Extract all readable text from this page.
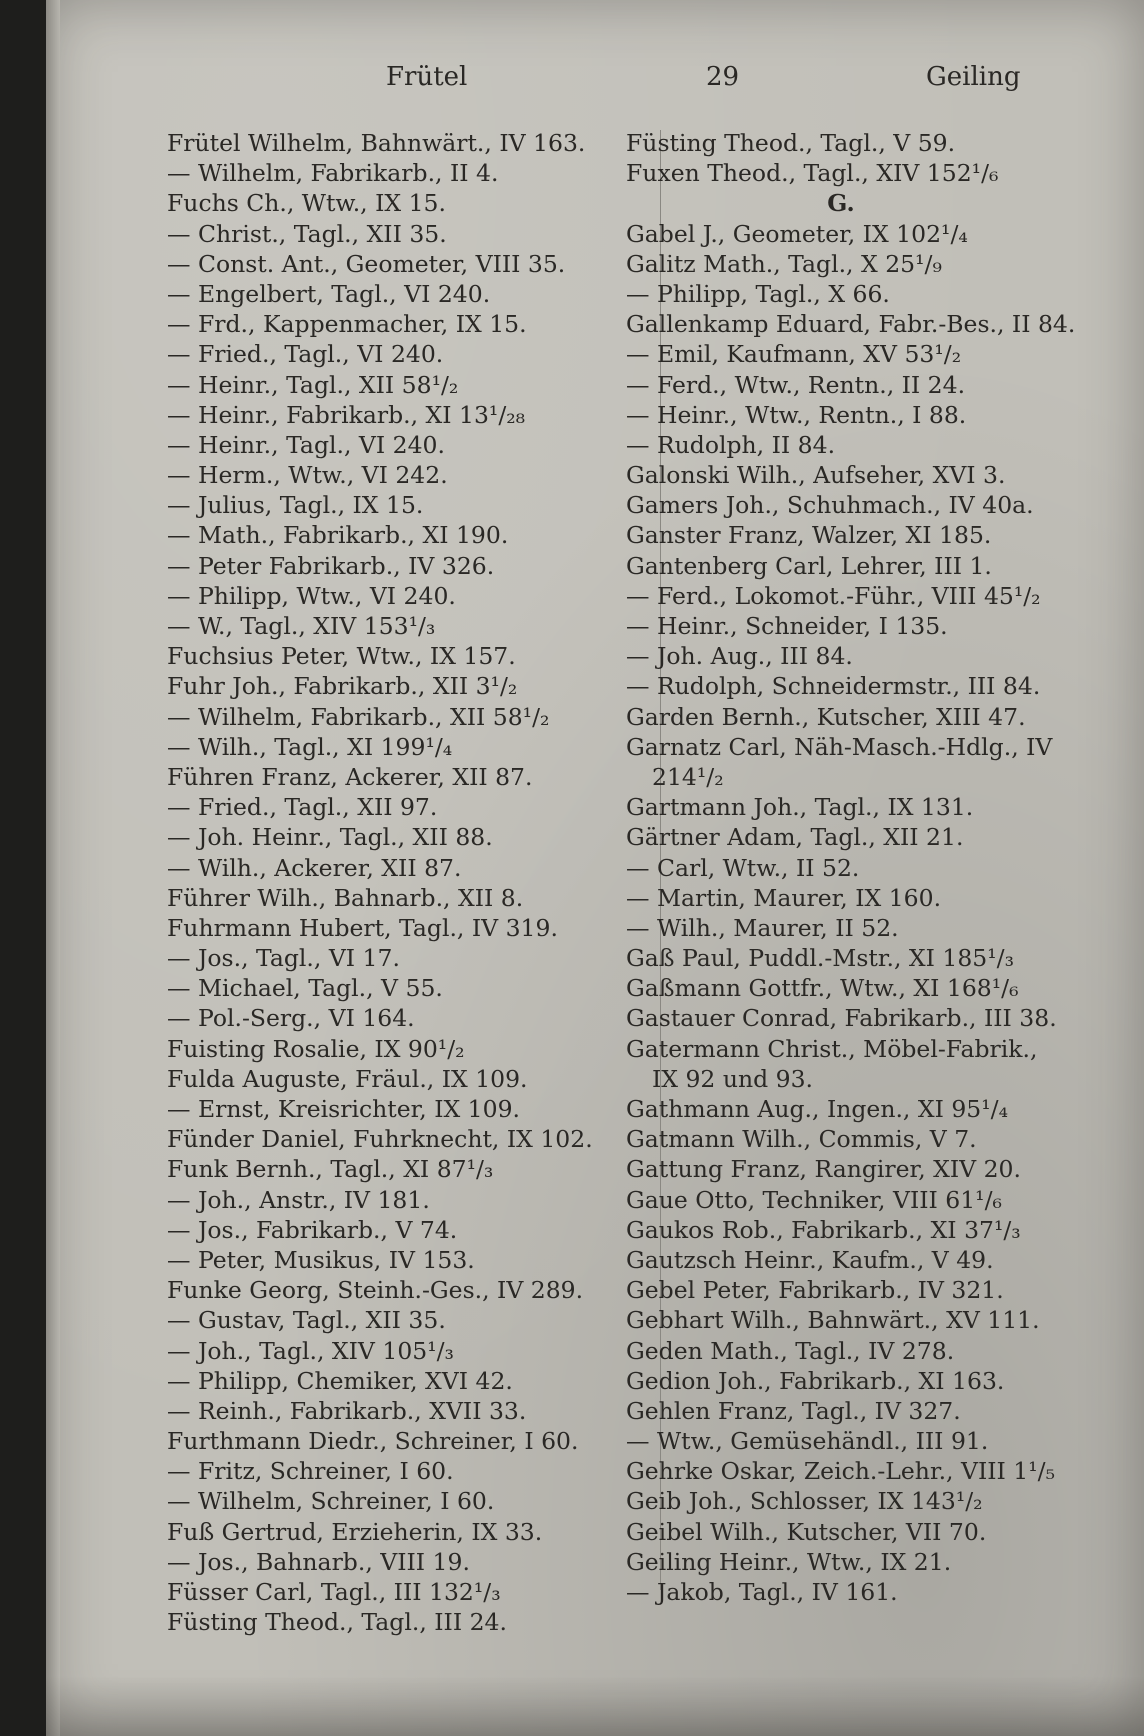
Frütel	29	Geiling
Frütel Wilhelm, Bahnwärt., IV 163.
— Wilhelm, Fabrikarb., II 4.
Fuchs Ch., Wtw., IX 15.
— Christ., Tagl., XII 35.
— Const. Ant., Geometer, VIII 35.
— Engelbert, Tagl., VI 240.
— Frd., Kappenmacher, IX 15.
— Fried., Tagl., VI 240.
— Heinr., Tagl., XII 58¹/₂
— Heinr., Fabrikarb., XI 13¹/₂₈
— Heinr., Tagl., VI 240.
— Herm., Wtw., VI 242.
— Julius, Tagl., IX 15.
— Math., Fabrikarb., XI 190.
— Peter Fabrikarb., IV 326.
— Philipp, Wtw., VI 240.
— W., Tagl., XIV 153¹/₃
Fuchsius Peter, Wtw., IX 157.
Fuhr Joh., Fabrikarb., XII 3¹/₂
— Wilhelm, Fabrikarb., XII 58¹/₂
— Wilh., Tagl., XI 199¹/₄
Führen Franz, Ackerer, XII 87.
— Fried., Tagl., XII 97.
— Joh. Heinr., Tagl., XII 88.
— Wilh., Ackerer, XII 87.
Führer Wilh., Bahnarb., XII 8.
Fuhrmann Hubert, Tagl., IV 319.
— Jos., Tagl., VI 17.
— Michael, Tagl., V 55.
— Pol.-Serg., VI 164.
Fuisting Rosalie, IX 90¹/₂
Fulda Auguste, Fräul., IX 109.
— Ernst, Kreisrichter, IX 109.
Fünder Daniel, Fuhrknecht, IX 102.
Funk Bernh., Tagl., XI 87¹/₃
— Joh., Anstr., IV 181.
— Jos., Fabrikarb., V 74.
— Peter, Musikus, IV 153.
Funke Georg, Steinh.-Ges., IV 289.
— Gustav, Tagl., XII 35.
— Joh., Tagl., XIV 105¹/₃
— Philipp, Chemiker, XVI 42.
— Reinh., Fabrikarb., XVII 33.
Furthmann Diedr., Schreiner, I 60.
— Fritz, Schreiner, I 60.
— Wilhelm, Schreiner, I 60.
Fuß Gertrud, Erzieherin, IX 33.
— Jos., Bahnarb., VIII 19.
Füsser Carl, Tagl., III 132¹/₃
Füsting Theod., Tagl., III 24.
Füsting Theod., Tagl., V 59.
Fuxen Theod., Tagl., XIV 152¹/₆
G.
Gabel J., Geometer, IX 102¹/₄
Galitz Math., Tagl., X 25¹/₉
— Philipp, Tagl., X 66.
Gallenkamp Eduard, Fabr.-Bes., II 84.
— Emil, Kaufmann, XV 53¹/₂
— Ferd., Wtw., Rentn., II 24.
— Heinr., Wtw., Rentn., I 88.
— Rudolph, II 84.
Galonski Wilh., Aufseher, XVI 3.
Gamers Joh., Schuhmach., IV 40a.
Ganster Franz, Walzer, XI 185.
Gantenberg Carl, Lehrer, III 1.
— Ferd., Lokomot.-Führ., VIII 45¹/₂
— Heinr., Schneider, I 135.
— Joh. Aug., III 84.
— Rudolph, Schneidermstr., III 84.
Garden Bernh., Kutscher, XIII 47.
Garnatz Carl, Näh-Masch.-Hdlg., IV
214¹/₂
Gartmann Joh., Tagl., IX 131.
Gärtner Adam, Tagl., XII 21.
— Carl, Wtw., II 52.
— Martin, Maurer, IX 160.
— Wilh., Maurer, II 52.
Gaß Paul, Puddl.-Mstr., XI 185¹/₃
Gaßmann Gottfr., Wtw., XI 168¹/₆
Gastauer Conrad, Fabrikarb., III 38.
Gatermann Christ., Möbel-Fabrik.,
IX 92 und 93.
Gathmann Aug., Ingen., XI 95¹/₄
Gatmann Wilh., Commis, V 7.
Gattung Franz, Rangirer, XIV 20.
Gaue Otto, Techniker, VIII 61¹/₆
Gaukos Rob., Fabrikarb., XI 37¹/₃
Gautzsch Heinr., Kaufm., V 49.
Gebel Peter, Fabrikarb., IV 321.
Gebhart Wilh., Bahnwärt., XV 111.
Geden Math., Tagl., IV 278.
Gedion Joh., Fabrikarb., XI 163.
Gehlen Franz, Tagl., IV 327.
— Wtw., Gemüsehändl., III 91.
Gehrke Oskar, Zeich.-Lehr., VIII 1¹/₅
Geib Joh., Schlosser, IX 143¹/₂
Geibel Wilh., Kutscher, VII 70.
Geiling Heinr., Wtw., IX 21.
— Jakob, Tagl., IV 161.
